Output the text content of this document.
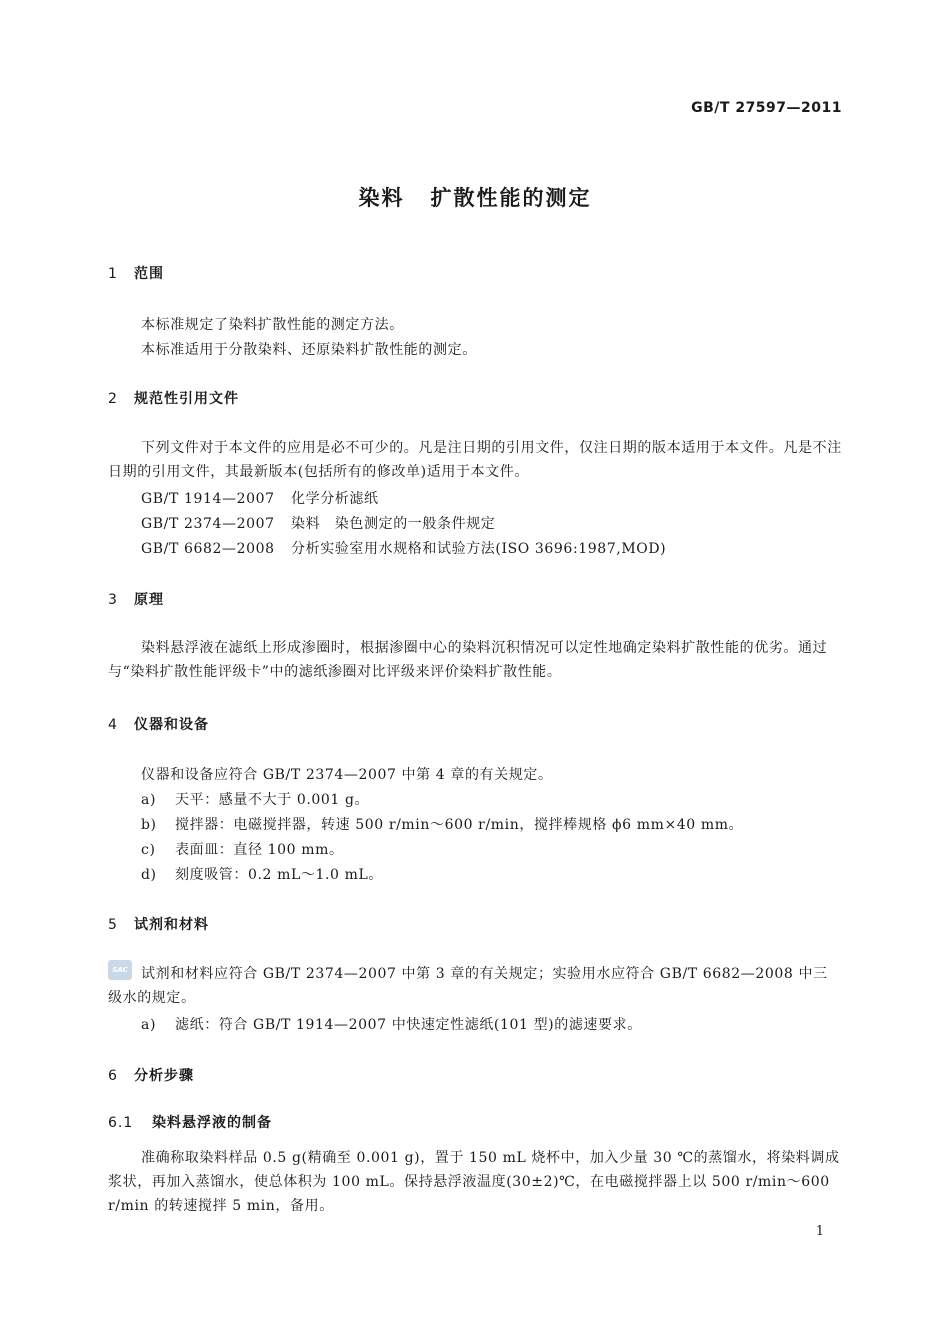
GB/T 27597—2011
染料 扩散性能的测定
1 范围
本标准规定了染料扩散性能的测定方法。
本标准适用于分散染料、还原染料扩散性能的测定。
2 规范性引用文件
下列文件对于本文件的应用是必不可少的。凡是注日期的引用文件，仅注日期的版本适用于本文件。凡是不注日期的引用文件，其最新版本(包括所有的修改单)适用于本文件。
GB/T 1914—2007 化学分析滤纸
GB/T 2374—2007 染料　染色测定的一般条件规定
GB/T 6682—2008 分析实验室用水规格和试验方法(ISO 3696:1987,MOD)
3 原理
染料悬浮液在滤纸上形成渗圈时，根据渗圈中心的染料沉积情况可以定性地确定染料扩散性能的优劣。通过与“染料扩散性能评级卡”中的滤纸渗圈对比评级来评价染料扩散性能。
4 仪器和设备
仪器和设备应符合 GB/T 2374—2007 中第 4 章的有关规定。
a) 天平：感量不大于 0.001 g。
b) 搅拌器：电磁搅拌器，转速 500 r/min～600 r/min，搅拌棒规格 ϕ6 mm×40 mm。
c) 表面皿：直径 100 mm。
d) 刻度吸管：0.2 mL～1.0 mL。
5 试剂和材料
SAC 试剂和材料应符合 GB/T 2374—2007 中第 3 章的有关规定；实验用水应符合 GB/T 6682—2008 中三级水的规定。
a) 滤纸：符合 GB/T 1914—2007 中快速定性滤纸(101 型)的滤速要求。
6 分析步骤
6.1 染料悬浮液的制备
准确称取染料样品 0.5 g(精确至 0.001 g)，置于 150 mL 烧杯中，加入少量 30 ℃的蒸馏水，将染料调成浆状，再加入蒸馏水，使总体积为 100 mL。保持悬浮液温度(30±2)℃，在电磁搅拌器上以 500 r/min～600 r/min 的转速搅拌 5 min，备用。
1
